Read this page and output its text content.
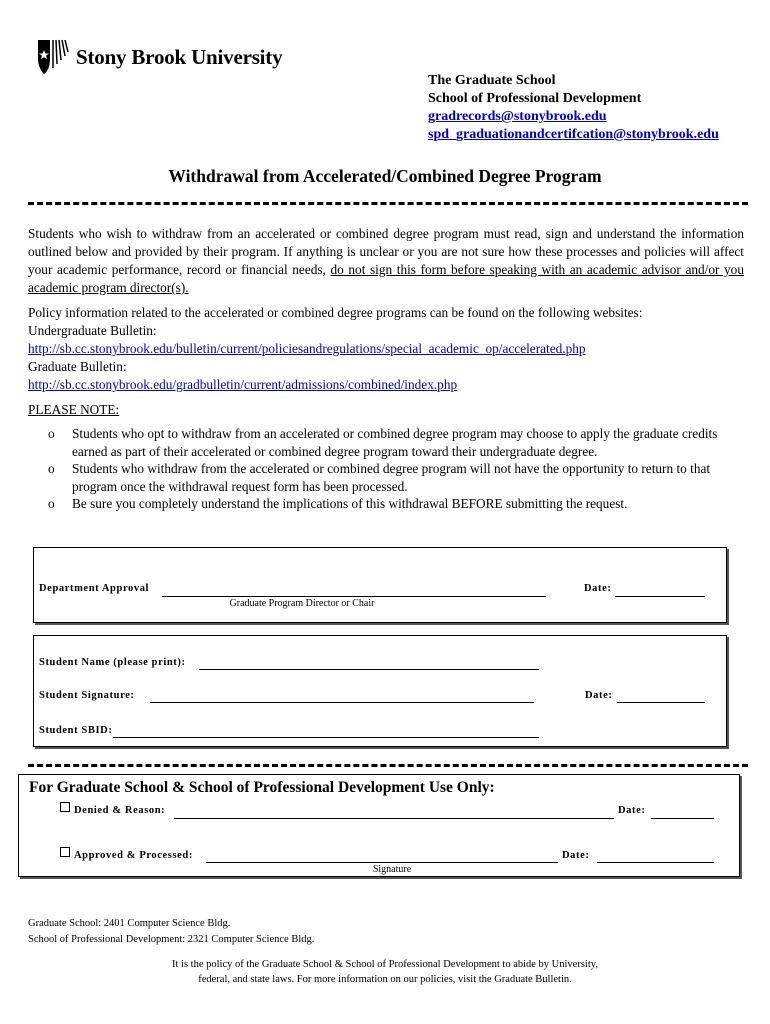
Stony Brook University
The Graduate School
School of Professional Development
gradrecords@stonybrook.edu
spd_graduationandcertifcation@stonybrook.edu
Withdrawal from Accelerated/Combined Degree Program
Students who wish to withdraw from an accelerated or combined degree program must read, sign and understand the information outlined below and provided by their program. If anything is unclear or you are not sure how these processes and policies will affect your academic performance, record or financial needs, do not sign this form before speaking with an academic advisor and/or you academic program director(s).
Policy information related to the accelerated or combined degree programs can be found on the following websites:
Undergraduate Bulletin:
http://sb.cc.stonybrook.edu/bulletin/current/policiesandregulations/special_academic_op/accelerated.php
Graduate Bulletin:
http://sb.cc.stonybrook.edu/gradbulletin/current/admissions/combined/index.php
PLEASE NOTE:
o Students who opt to withdraw from an accelerated or combined degree program may choose to apply the graduate credits earned as part of their accelerated or combined degree program toward their undergraduate degree.
o Students who withdraw from the accelerated or combined degree program will not have the opportunity to return to that program once the withdrawal request form has been processed.
o Be sure you completely understand the implications of this withdrawal BEFORE submitting the request.
Department Approval
Graduate Program Director or Chair
Date:
Student Name (please print):
Student Signature:	Date:
Student SBID:
For Graduate School & School of Professional Development Use Only:
Denied & Reason:	Date:
Approved & Processed:
Signature
Date:
Graduate School: 2401 Computer Science Bldg.
School of Professional Development: 2321 Computer Science Bldg.
It is the policy of the Graduate School & School of Professional Development to abide by University,
federal, and state laws. For more information on our policies, visit the Graduate Bulletin.
